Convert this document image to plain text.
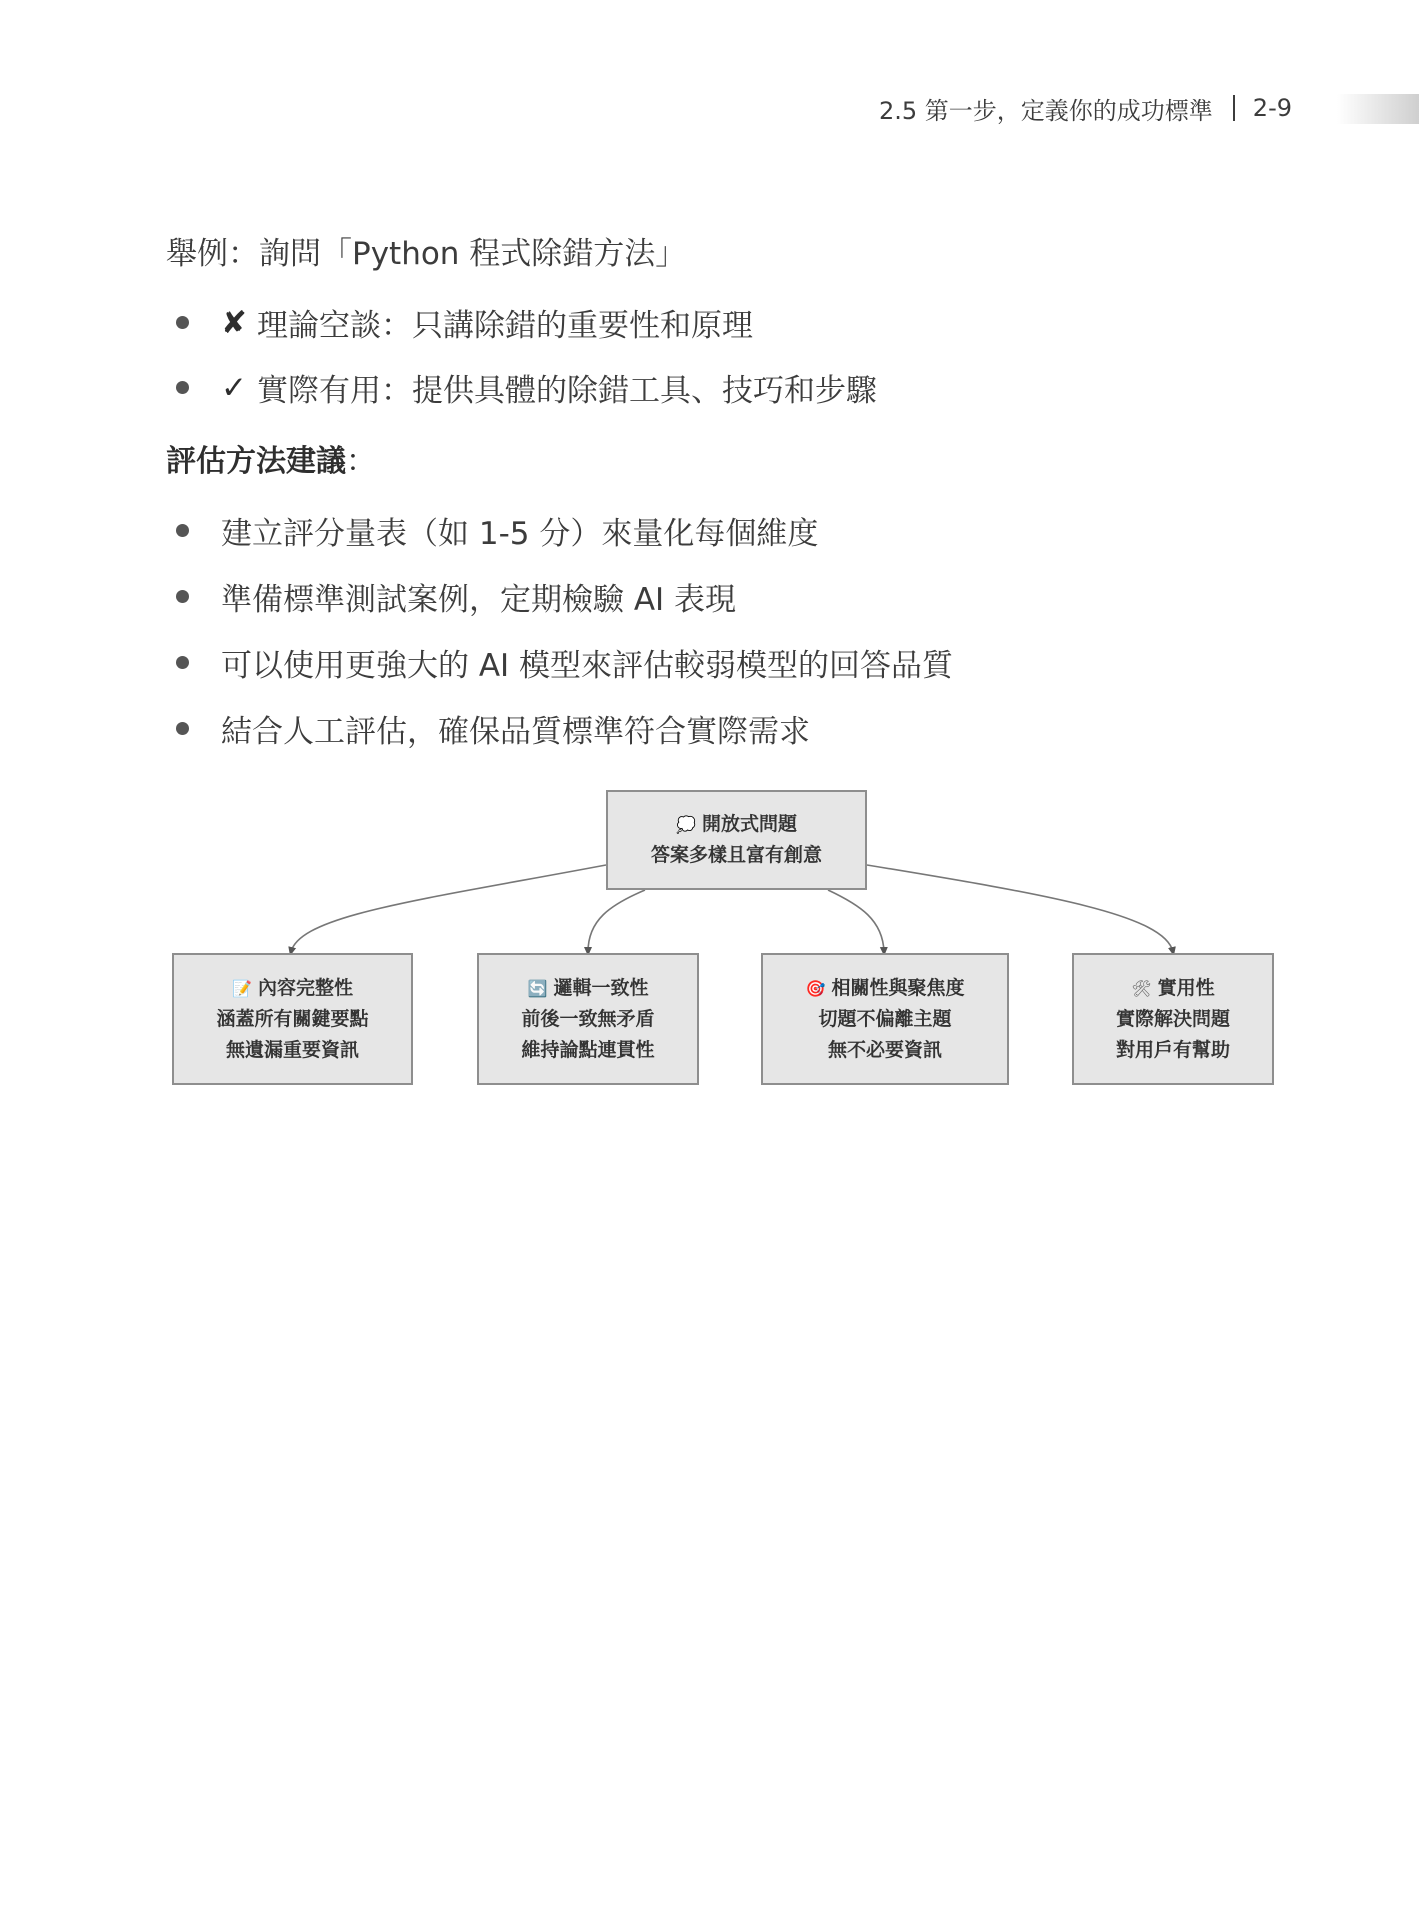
2.5 第一步，定義你的成功標準 2-9
舉例：詢問「Python 程式除錯方法」
✘ 理論空談：只講除錯的重要性和原理
✓ 實際有用：提供具體的除錯工具、技巧和步驟
評估方法建議：
建立評分量表（如 1-5 分）來量化每個維度
準備標準測試案例，定期檢驗 AI 表現
可以使用更強大的 AI 模型來評估較弱模型的回答品質
結合人工評估，確保品質標準符合實際需求
💭 開放式問題
答案多樣且富有創意
📝 內容完整性
涵蓋所有關鍵要點
無遺漏重要資訊
🔄 邏輯一致性
前後一致無矛盾
維持論點連貫性
🎯 相關性與聚焦度
切題不偏離主題
無不必要資訊
🛠 實用性
實際解決問題
對用戶有幫助
